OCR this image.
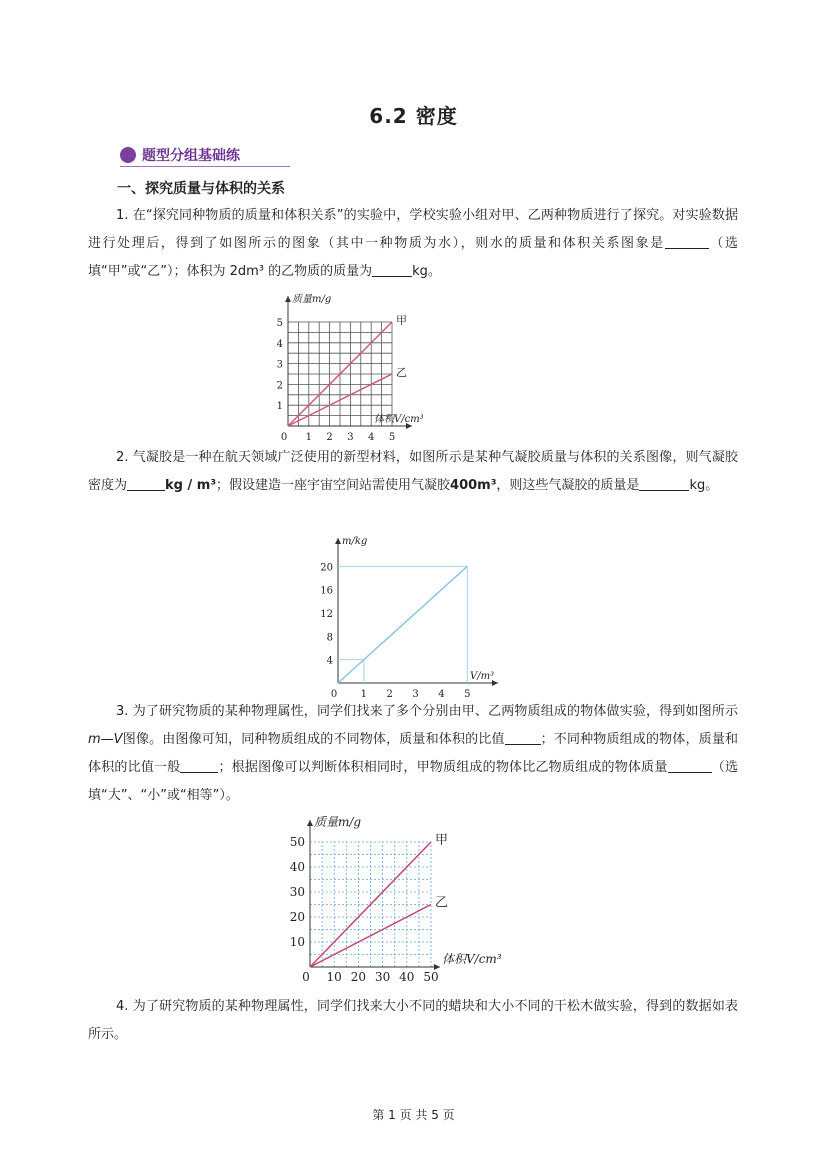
6.2 密度
题型分组基础练
一、探究质量与体积的关系
1. 在“探究同种物质的质量和体积关系”的实验中，学校实验小组对甲、乙两种物质进行了探究。对实验数据进行处理后，得到了如图所示的图象（其中一种物质为水），则水的质量和体积关系图象是	（选填“甲”或“乙”）；体积为 2dm³ 的乙物质的质量为	kg。
0 1 2 3 4 5
1
2
3
4
5
质量m/g
体积V/cm³
甲
乙
2. 气凝胶是一种在航天领域广泛使用的新型材料，如图所示是某种气凝胶质量与体积的关系图像，则气凝胶密度为	kg / m³；假设建造一座宇宙空间站需使用气凝胶400m³，则这些气凝胶的质量是	kg。
0 1 2 3 4 5
4
8
12
16
20
m/kg
V/m³
3. 为了研究物质的某种物理属性，同学们找来了多个分别由甲、乙两物质组成的物体做实验，得到如图所示m—V图像。由图像可知，同种物质组成的不同物体，质量和体积的比值	；不同种物质组成的物体，质量和体积的比值一般	；根据图像可以判断体积相同时，甲物质组成的物体比乙物质组成的物体质量	（选填“大”、“小”或“相等”）。
0 10 20 30 40 50
10
20
30
40
50
质量m/g
体积V/cm³
甲
乙
4. 为了研究物质的某种物理属性，同学们找来大小不同的蜡块和大小不同的干松木做实验，得到的数据如表所示。
第 1 页 共 5 页
